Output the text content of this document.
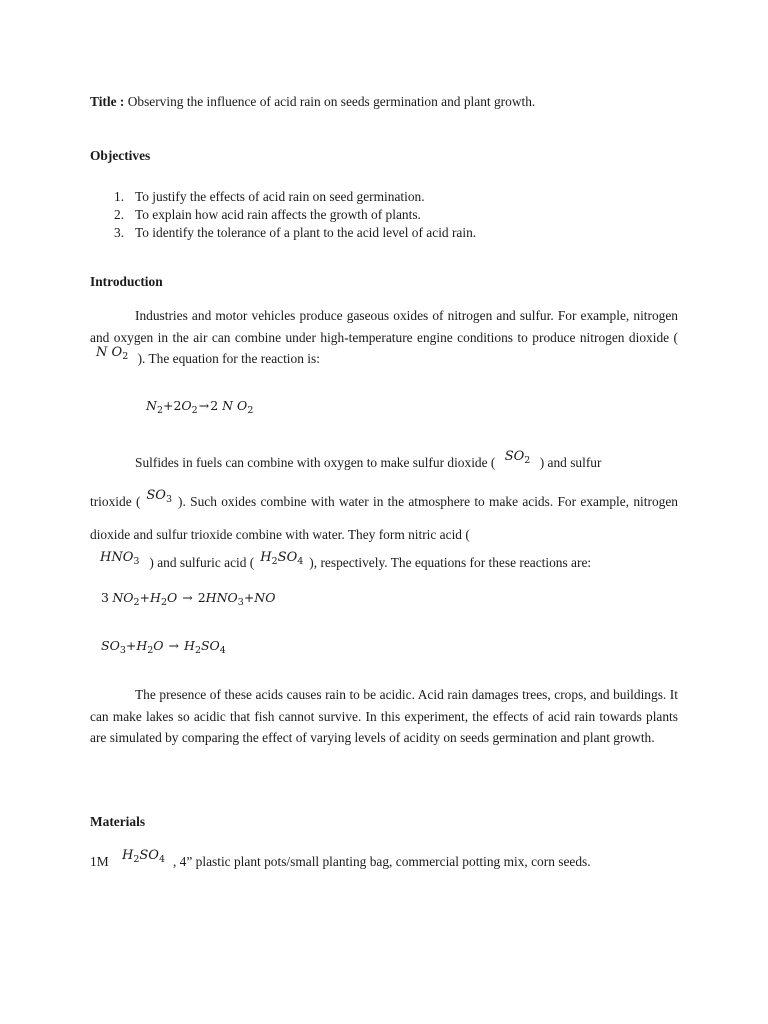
Title : Observing the influence of acid rain on seeds germination and plant growth.
Objectives
1. To justify the effects of acid rain on seed germination.
2. To explain how acid rain affects the growth of plants.
3. To identify the tolerance of a plant to the acid level of acid rain.
Introduction
Industries and motor vehicles produce gaseous oxides of nitrogen and sulfur. For example, nitrogen and oxygen in the air can combine under high-temperature engine conditions to produce nitrogen dioxide ( N $O_2$ ). The equation for the reaction is:
$N_2+2O_2\to 2$ N $O_2$
Sulfides in fuels can combine with oxygen to make sulfur dioxide ( $SO_2$ ) and sulfur
trioxide ( $SO_3$ ). Such oxides combine with water in the atmosphere to make acids. For example, nitrogen dioxide and sulfur trioxide combine with water. They form nitric acid (
$HNO_3$ ) and sulfuric acid ( $H_2SO_4$ ), respectively. The equations for these reactions are:
3 $NO_2+H_2O \to 2HNO_3+NO$
$SO_3+H_2O \to H_2SO_4$
The presence of these acids causes rain to be acidic. Acid rain damages trees, crops, and buildings. It can make lakes so acidic that fish cannot survive. In this experiment, the effects of acid rain towards plants are simulated by comparing the effect of varying levels of acidity on seeds germination and plant growth.
Materials
1M $H_2SO_4$ , 4” plastic plant pots/small planting bag, commercial potting mix, corn seeds.
